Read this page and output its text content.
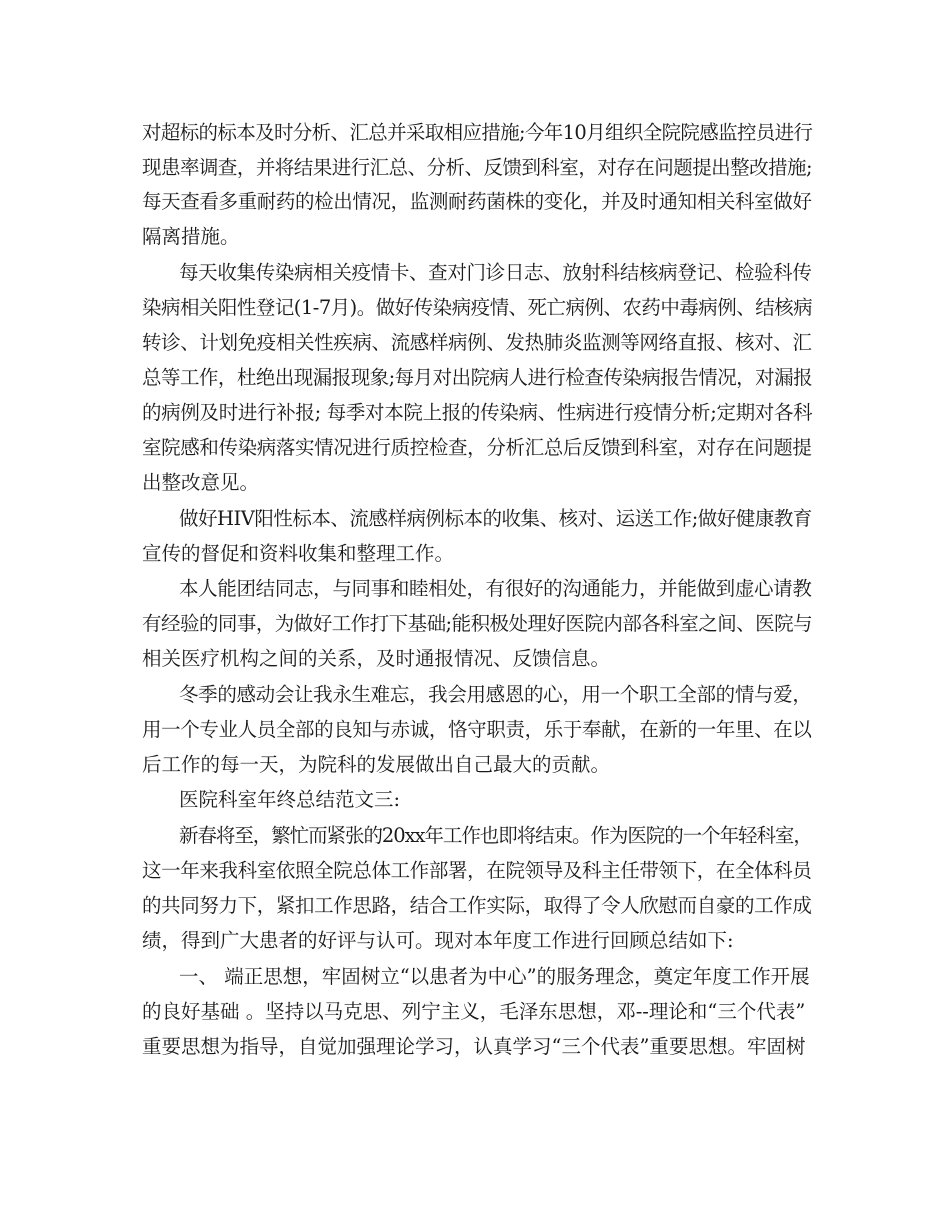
对超标的标本及时分析、汇总并采取相应措施;今年10月组织全院院感监控员进行
现患率调查，并将结果进行汇总、分析、反馈到科室，对存在问题提出整改措施;
每天查看多重耐药的检出情况，监测耐药菌株的变化，并及时通知相关科室做好
隔离措施。
每天收集传染病相关疫情卡、查对门诊日志、放射科结核病登记、检验科传
染病相关阳性登记(1-7月)。做好传染病疫情、死亡病例、农药中毒病例、结核病
转诊、计划免疫相关性疾病、流感样病例、发热肺炎监测等网络直报、核对、汇
总等工作，杜绝出现漏报现象;每月对出院病人进行检查传染病报告情况，对漏报
的病例及时进行补报; 每季对本院上报的传染病、性病进行疫情分析;定期对各科
室院感和传染病落实情况进行质控检查，分析汇总后反馈到科室，对存在问题提
出整改意见。
做好HIV阳性标本、流感样病例标本的收集、核对、运送工作;做好健康教育
宣传的督促和资料收集和整理工作。
本人能团结同志，与同事和睦相处，有很好的沟通能力，并能做到虚心请教
有经验的同事，为做好工作打下基础;能积极处理好医院内部各科室之间、医院与
相关医疗机构之间的关系，及时通报情况、反馈信息。
冬季的感动会让我永生难忘，我会用感恩的心，用一个职工全部的情与爱，
用一个专业人员全部的良知与赤诚，恪守职责，乐于奉献，在新的一年里、在以
后工作的每一天，为院科的发展做出自己最大的贡献。
医院科室年终总结范文三:
新春将至，繁忙而紧张的20xx年工作也即将结束。作为医院的一个年轻科室，
这一年来我科室依照全院总体工作部署，在院领导及科主任带领下，在全体科员
的共同努力下，紧扣工作思路，结合工作实际，取得了令人欣慰而自豪的工作成
绩，得到广大患者的好评与认可。现对本年度工作进行回顾总结如下:
一、 端正思想，牢固树立“以患者为中心”的服务理念，奠定年度工作开展
的良好基础 。坚持以马克思、列宁主义，毛泽东思想，邓--理论和“三个代表”
重要思想为指导，自觉加强理论学习，认真学习“三个代表”重要思想。牢固树
